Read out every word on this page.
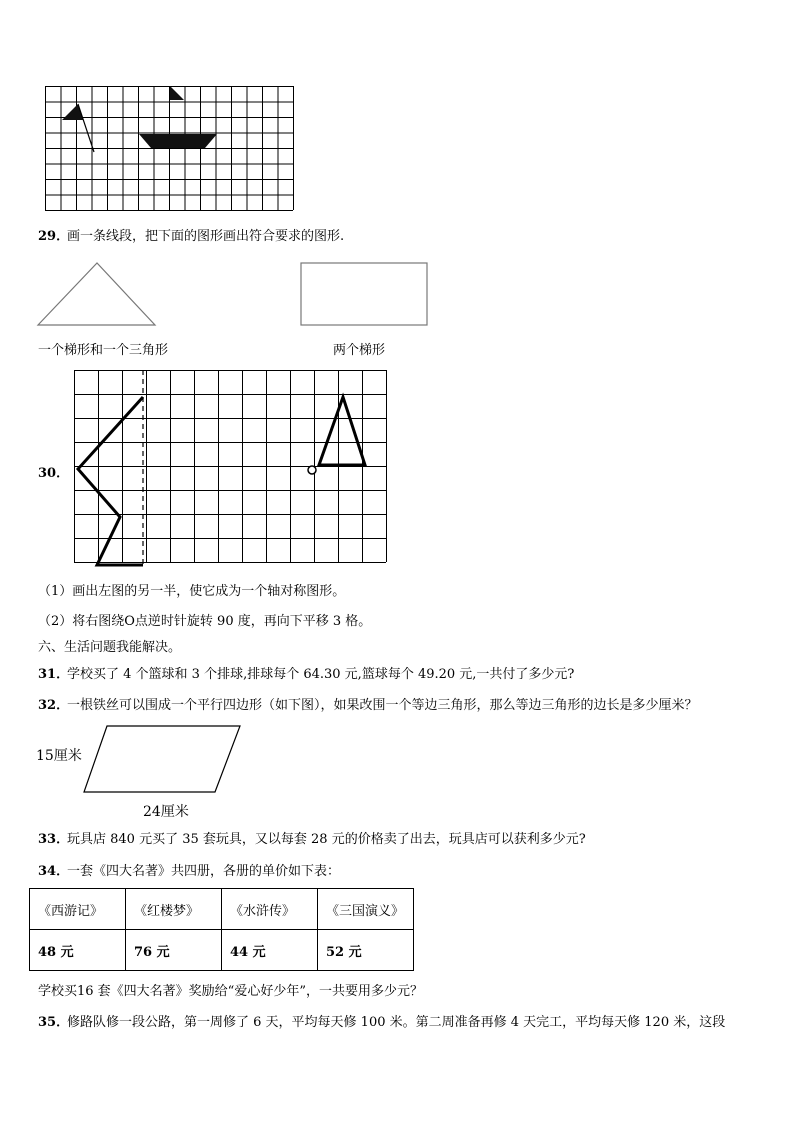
29．
画一条线段，把下面的图形画出符合要求的图形.
一个梯形和一个三角形	两个梯形
30．
（1）画出左图的另一半，使它成为一个轴对称图形。
（2）将右图绕O点逆时针旋转 90 度，再向下平移 3 格。
六、生活问题我能解决。
31．
学校买了 4 个篮球和 3 个排球,排球每个 64.30 元,篮球每个 49.20 元,一共付了多少元?
32．
一根铁丝可以围成一个平行四边形（如下图），如果改围一个等边三角形，那么等边三角形的边长是多少厘米？
15厘米
24厘米
33．
玩具店 840 元买了 35 套玩具，又以每套 28 元的价格卖了出去，玩具店可以获利多少元?
34．
一套《四大名著》共四册，各册的单价如下表：
《西游记》	《红楼梦》	《水浒传》	《三国演义》
48 元	76 元	44 元	52 元
学校买16 套《四大名著》奖励给“爱心好少年”，一共要用多少元？
35．
修路队修一段公路，第一周修了 6 天，平均每天修 100 米。第二周准备再修 4 天完工，平均每天修 120 米，这段
